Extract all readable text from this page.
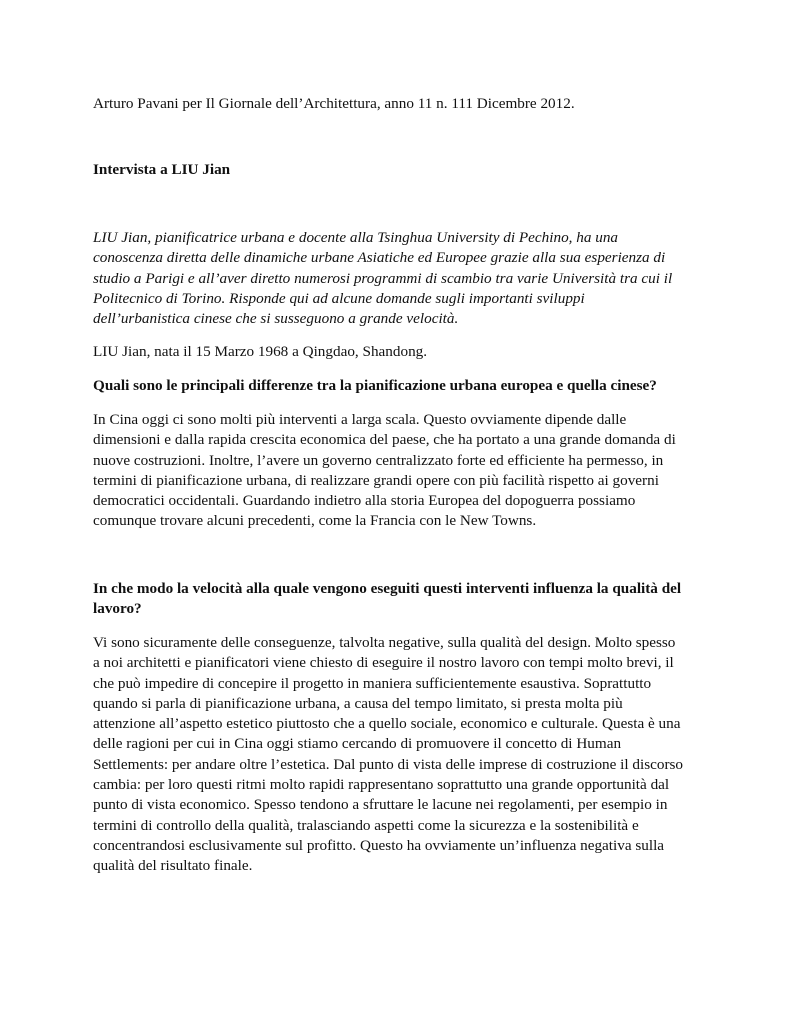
Arturo Pavani per Il Giornale dell’Architettura, anno 11 n. 111 Dicembre 2012.

Intervista a LIU Jian

LIU Jian, pianificatrice urbana e docente alla Tsinghua University di Pechino, ha una
conoscenza diretta delle dinamiche urbane Asiatiche ed Europee grazie alla sua esperienza di
studio a Parigi e all’aver diretto numerosi programmi di scambio tra varie Università tra cui il
Politecnico di Torino. Risponde qui ad alcune domande sugli importanti sviluppi
dell’urbanistica cinese che si susseguono a grande velocità.

LIU Jian, nata il 15 Marzo 1968 a Qingdao, Shandong.

Quali sono le principali differenze tra la pianificazione urbana europea e quella cinese?
In Cina oggi ci sono molti più interventi a larga scala. Questo ovviamente dipende dalle
dimensioni e dalla rapida crescita economica del paese, che ha portato a una grande domanda di
nuove costruzioni. Inoltre, l’avere un governo centralizzato forte ed efficiente ha permesso, in
termini di pianificazione urbana, di realizzare grandi opere con più facilità rispetto ai governi
democratici occidentali. Guardando indietro alla storia Europea del dopoguerra possiamo
comunque trovare alcuni precedenti, come la Francia con le New Towns.
In che modo la velocità alla quale vengono eseguiti questi interventi influenza la qualità del
lavoro?
Vi sono sicuramente delle conseguenze, talvolta negative, sulla qualità del design. Molto spesso
a noi architetti e pianificatori viene chiesto di eseguire il nostro lavoro con tempi molto brevi, il
che può impedire di concepire il progetto in maniera sufficientemente esaustiva. Soprattutto
quando si parla di pianificazione urbana, a causa del tempo limitato, si presta molta più
attenzione all’aspetto estetico piuttosto che a quello sociale, economico e culturale. Questa è una
delle ragioni per cui in Cina oggi stiamo cercando di promuovere il concetto di Human
Settlements: per andare oltre l’estetica. Dal punto di vista delle imprese di costruzione il discorso
cambia: per loro questi ritmi molto rapidi rappresentano soprattutto una grande opportunità dal
punto di vista economico. Spesso tendono a sfruttare le lacune nei regolamenti, per esempio in
termini di controllo della qualità, tralasciando aspetti come la sicurezza e la sostenibilità e
concentrandosi esclusivamente sul profitto. Questo ha ovviamente un’influenza negativa sulla
qualità del risultato finale.
